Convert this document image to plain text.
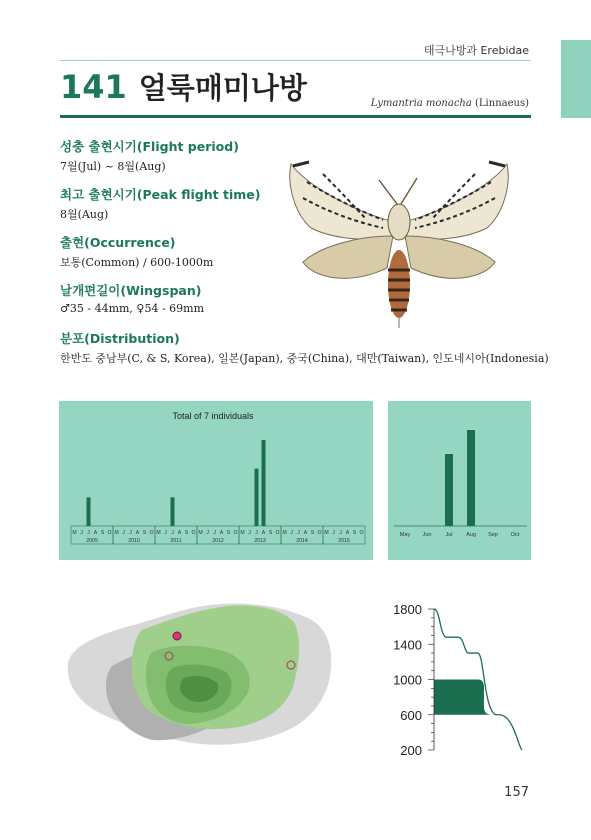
태극나방과 Erebidae
141 얼룩매미나방	Lymantria monacha (Linnaeus)
성충 출현시기(Flight period)

7월(Jul) ~ 8월(Aug)

최고 출현시기(Peak flight time)

8월(Aug)

출현(Occurrence)

보통(Common) / 600-1000m

날개편길이(Wingspan)

♂35 - 44mm, ♀54 - 69mm

분포(Distribution)

한반도 중남부(C, & S, Korea), 일본(Japan), 중국(China), 대만(Taiwan), 인도네시아(Indonesia)

Total of 7 individuals
M J J A S O
2009
M J J A S O
2010
M J J A S O
2011
M J J A S O
2012
M J J A S O
2013
M J J A S O
2014
M J J A S O
2015
May Jun	Jul Aug Sep Oct
1800
1400
1000
600
200
157
